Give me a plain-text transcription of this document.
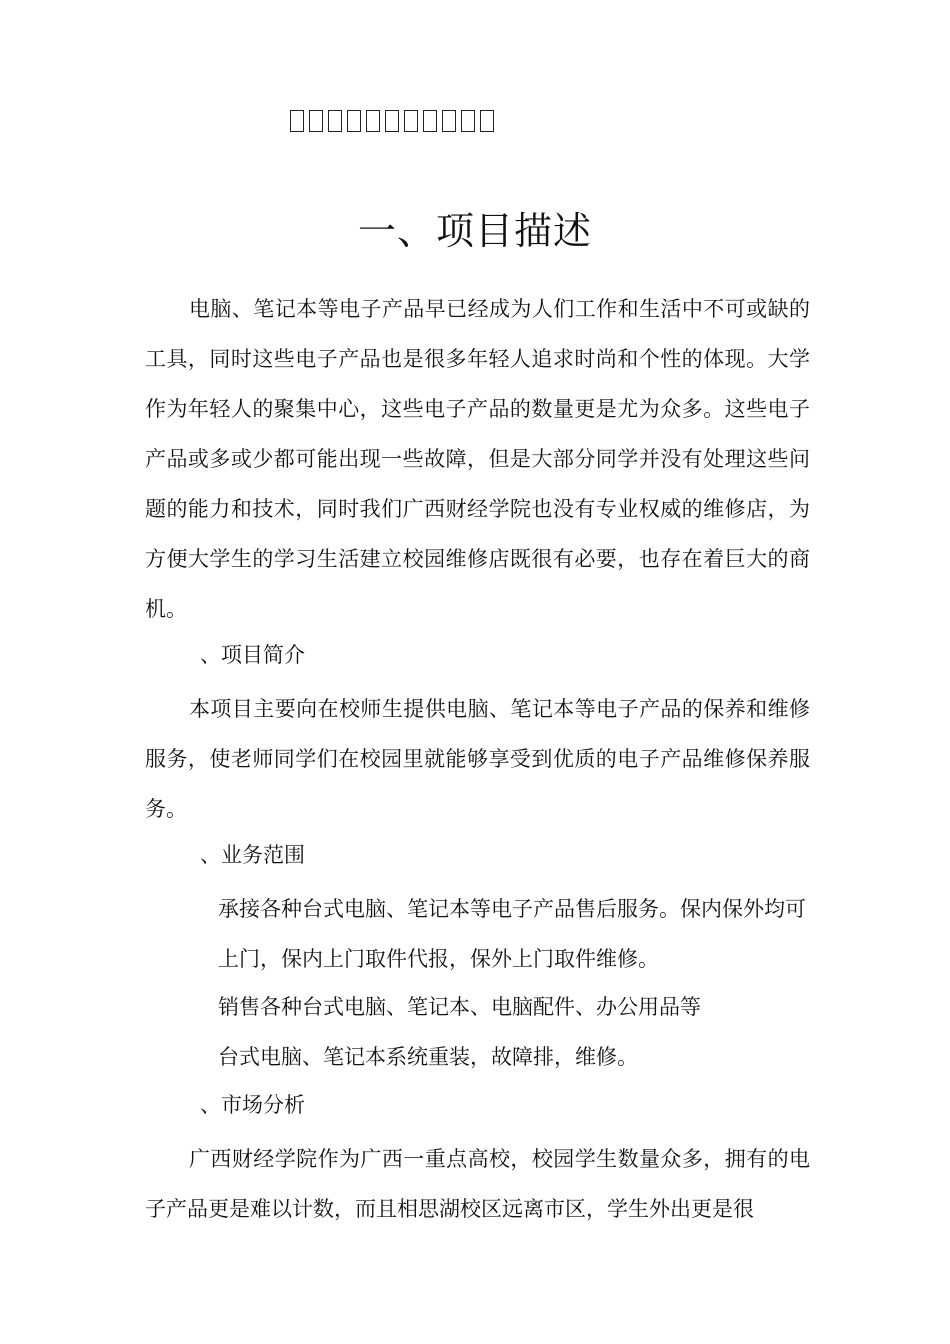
一、项目描述

电脑、笔记本等电子产品早已经成为人们工作和生活中不可或缺的工具，同时这些电子产品也是很多年轻人追求时尚和个性的体现。大学作为年轻人的聚集中心，这些电子产品的数量更是尤为众多。这些电子产品或多或少都可能出现一些故障，但是大部分同学并没有处理这些问题的能力和技术，同时我们广西财经学院也没有专业权威的维修店，为方便大学生的学习生活建立校园维修店既很有必要，也存在着巨大的商机。

、项目简介

本项目主要向在校师生提供电脑、笔记本等电子产品的保养和维修服务，使老师同学们在校园里就能够享受到优质的电子产品维修保养服务。

、业务范围

承接各种台式电脑、笔记本等电子产品售后服务。保内保外均可上门，保内上门取件代报，保外上门取件维修。

销售各种台式电脑、笔记本、电脑配件、办公用品等

台式电脑、笔记本系统重装，故障排，维修。

、市场分析

广西财经学院作为广西一重点高校，校园学生数量众多，拥有的电子产品更是难以计数，而且相思湖校区远离市区，学生外出更是很
